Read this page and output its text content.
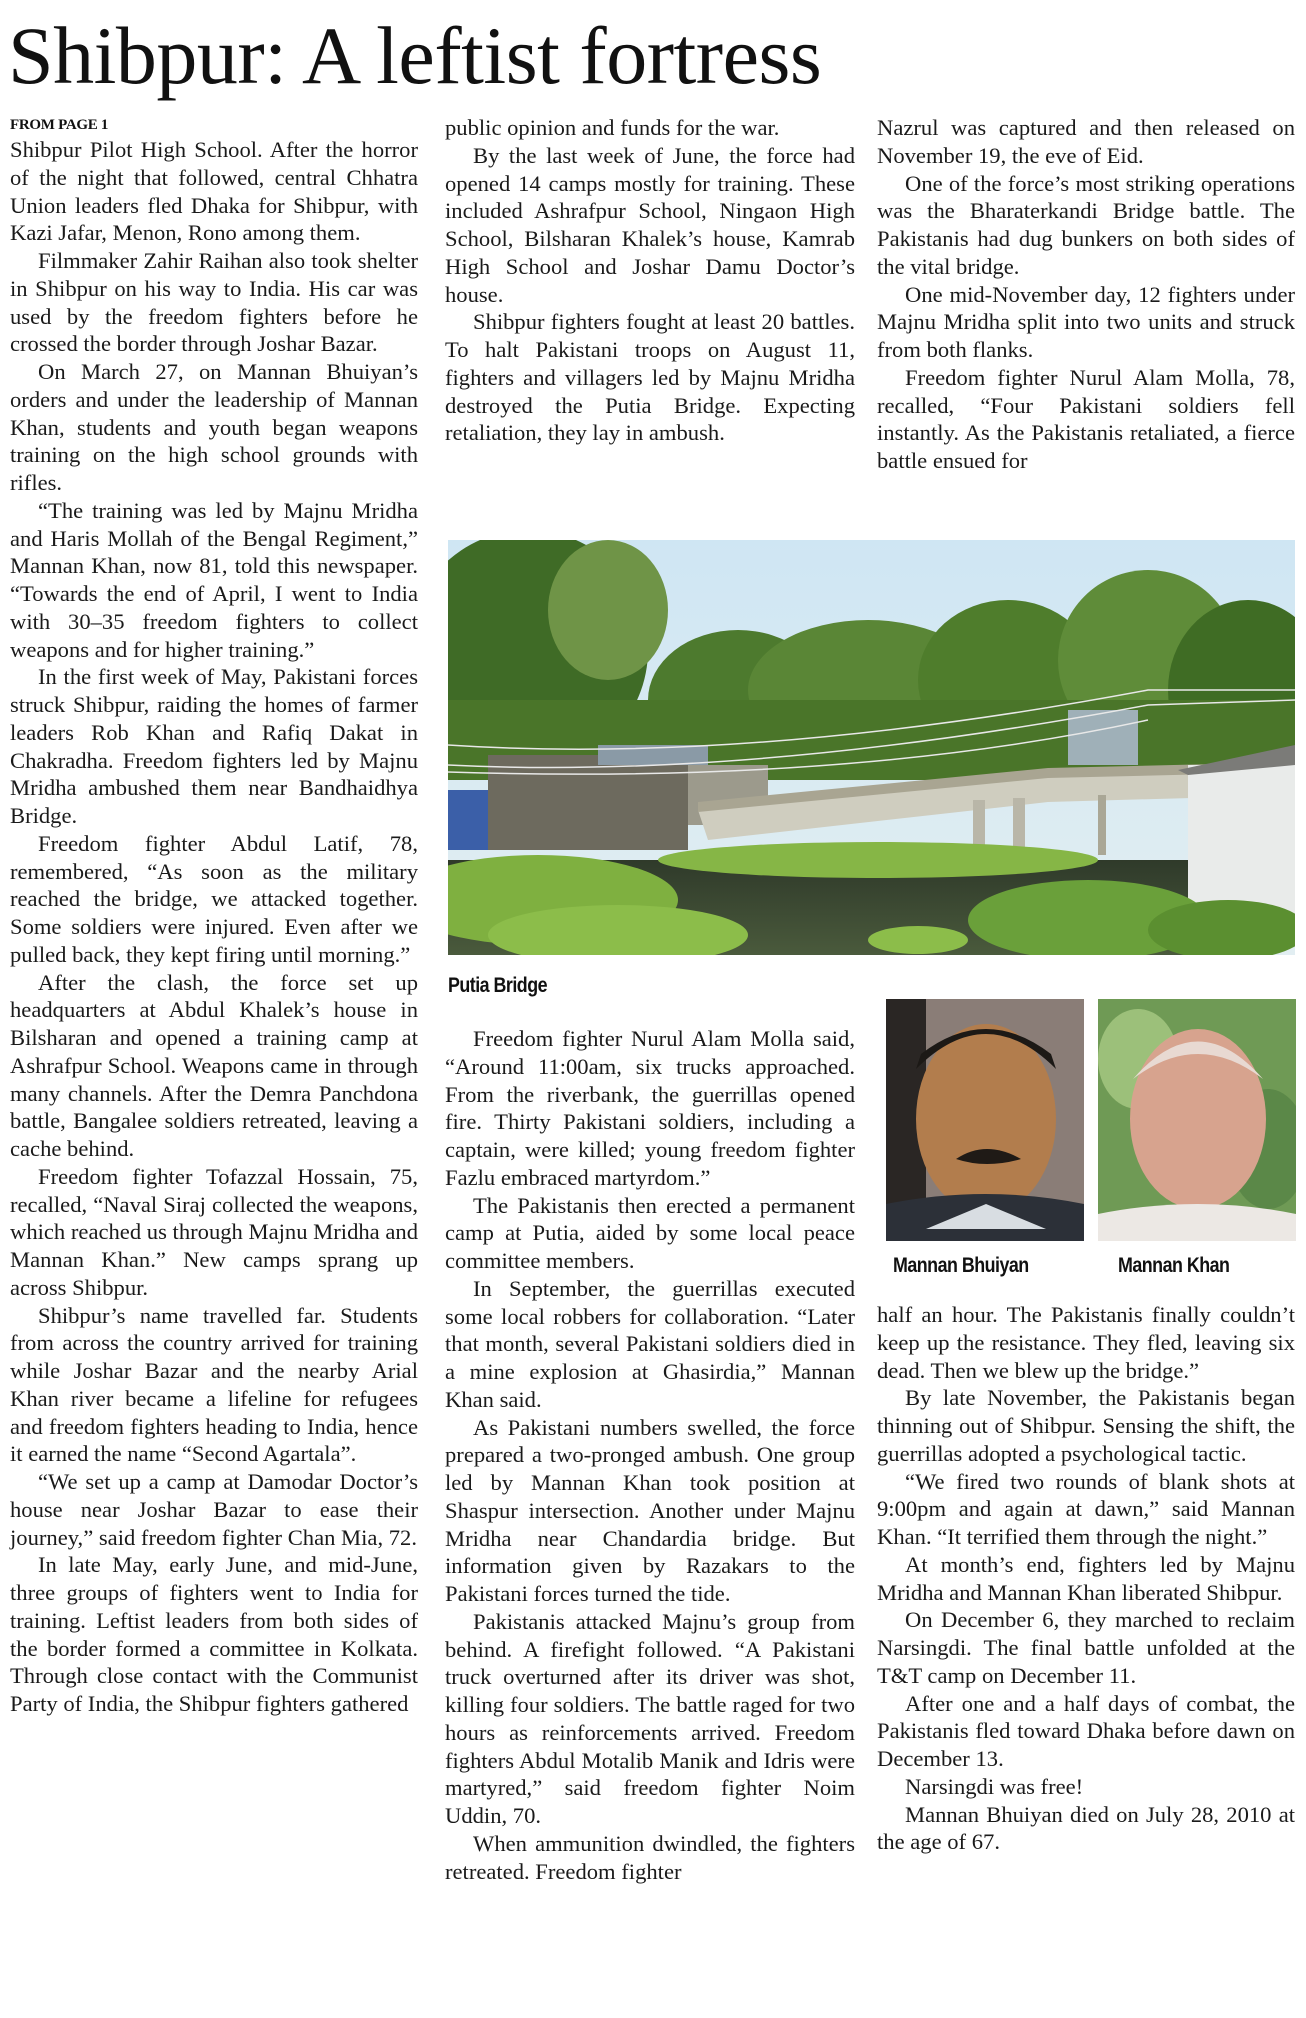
Shibpur: A leftist fortress
FROM PAGE 1

Shibpur Pilot High School. After the horror of the night that followed, central Chhatra Union leaders fled Dhaka for Shibpur, with Kazi Jafar, Menon, Rono among them.

Filmmaker Zahir Raihan also took shelter in Shibpur on his way to India. His car was used by the freedom fighters before he crossed the border through Joshar Bazar.

On March 27, on Mannan Bhuiyan’s orders and under the leadership of Mannan Khan, students and youth began weapons training on the high school grounds with rifles.

“The training was led by Majnu Mridha and Haris Mollah of the Bengal Regiment,” Mannan Khan, now 81, told this newspaper. “Towards the end of April, I went to India with 30–35 freedom fighters to collect weapons and for higher training.”

In the first week of May, Pakistani forces struck Shibpur, raiding the homes of farmer leaders Rob Khan and Rafiq Dakat in Chakradha. Freedom fighters led by Majnu Mridha ambushed them near Bandhaidhya Bridge.

Freedom fighter Abdul Latif, 78, remembered, “As soon as the military reached the bridge, we attacked together. Some soldiers were injured. Even after we pulled back, they kept firing until morning.”

After the clash, the force set up headquarters at Abdul Khalek’s house in Bilsharan and opened a training camp at Ashrafpur School. Weapons came in through many channels. After the Demra Panchdona battle, Bangalee soldiers retreated, leaving a cache behind.

Freedom fighter Tofazzal Hossain, 75, recalled, “Naval Siraj collected the weapons, which reached us through Majnu Mridha and Mannan Khan.” New camps sprang up across Shibpur.

Shibpur’s name travelled far. Students from across the country arrived for training while Joshar Bazar and the nearby Arial Khan river became a lifeline for refugees and freedom fighters heading to India, hence it earned the name “Second Agartala”.

“We set up a camp at Damodar Doctor’s house near Joshar Bazar to ease their journey,” said freedom fighter Chan Mia, 72.

In late May, early June, and mid-June, three groups of fighters went to India for training. Leftist leaders from both sides of the border formed a committee in Kolkata. Through close contact with the Communist Party of India, the Shibpur fighters gathered

public opinion and funds for the war.

By the last week of June, the force had opened 14 camps mostly for training. These included Ashrafpur School, Ningaon High School, Bilsharan Khalek’s house, Kamrab High School and Joshar Damu Doctor’s house.

Shibpur fighters fought at least 20 battles. To halt Pakistani troops on August 11, fighters and villagers led by Majnu Mridha destroyed the Putia Bridge. Expecting retaliation, they lay in ambush.

Nazrul was captured and then released on November 19, the eve of Eid.

One of the force’s most striking operations was the Bharaterkandi Bridge battle. The Pakistanis had dug bunkers on both sides of the vital bridge.

One mid-November day, 12 fighters under Majnu Mridha split into two units and struck from both flanks.

Freedom fighter Nurul Alam Molla, 78, recalled, “Four Pakistani soldiers fell instantly. As the Pakistanis retaliated, a fierce battle ensued for

Putia Bridge

Freedom fighter Nurul Alam Molla said, “Around 11:00am, six trucks approached. From the riverbank, the guerrillas opened fire. Thirty Pakistani soldiers, including a captain, were killed; young freedom fighter Fazlu embraced martyrdom.”

The Pakistanis then erected a permanent camp at Putia, aided by some local peace committee members.

In September, the guerrillas executed some local robbers for collaboration. “Later that month, several Pakistani soldiers died in a mine explosion at Ghasirdia,” Mannan Khan said.

As Pakistani numbers swelled, the force prepared a two-pronged ambush. One group led by Mannan Khan took position at Shaspur intersection. Another under Majnu Mridha near Chandardia bridge. But information given by Razakars to the Pakistani forces turned the tide.

Pakistanis attacked Majnu’s group from behind. A firefight followed. “A Pakistani truck overturned after its driver was shot, killing four soldiers. The battle raged for two hours as reinforcements arrived. Freedom fighters Abdul Motalib Manik and Idris were martyred,” said freedom fighter Noim Uddin, 70.

When ammunition dwindled, the fighters retreated. Freedom fighter

Mannan Bhuiyan	Mannan Khan

half an hour. The Pakistanis finally couldn’t keep up the resistance. They fled, leaving six dead. Then we blew up the bridge.”

By late November, the Pakistanis began thinning out of Shibpur. Sensing the shift, the guerrillas adopted a psychological tactic.

“We fired two rounds of blank shots at 9:00pm and again at dawn,” said Mannan Khan. “It terrified them through the night.”

At month’s end, fighters led by Majnu Mridha and Mannan Khan liberated Shibpur.

On December 6, they marched to reclaim Narsingdi. The final battle unfolded at the T&T camp on December 11.

After one and a half days of combat, the Pakistanis fled toward Dhaka before dawn on December 13.

Narsingdi was free!

Mannan Bhuiyan died on July 28, 2010 at the age of 67.
